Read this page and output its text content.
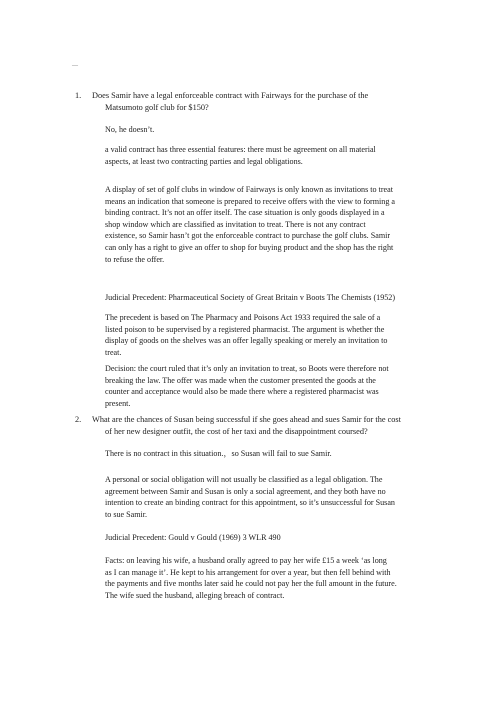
—
1. Does Samir have a legal enforceable contract with Fairways for the purchase of the
Matsumoto golf club for $150?
No, he doesn’t.
a valid contract has three essential features: there must be agreement on all material
aspects, at least two contracting parties and legal obligations.
A display of set of golf clubs in window of Fairways is only known as invitations to treat
means an indication that someone is prepared to receive offers with the view to forming a
binding contract. It’s not an offer itself. The case situation is only goods displayed in a
shop window which are classified as invitation to treat. There is not any contract
existence, so Samir hasn’t got the enforceable contract to purchase the golf clubs. Samir
can only has a right to give an offer to shop for buying product and the shop has the right
to refuse the offer.
Judicial Precedent: Pharmaceutical Society of Great Britain v Boots The Chemists (1952)
The precedent is based on The Pharmacy and Poisons Act 1933 required the sale of a
listed poison to be supervised by a registered pharmacist. The argument is whether the
display of goods on the shelves was an offer legally speaking or merely an invitation to
treat.
Decision: the court ruled that it’s only an invitation to treat, so Boots were therefore not
breaking the law. The offer was made when the customer presented the goods at the
counter and acceptance would also be made there where a registered pharmacist was
present.
2. What are the chances of Susan being successful if she goes ahead and sues Samir for the cost
of her new designer outfit, the cost of her taxi and the disappointment coursed?
There is no contract in this situation.，so Susan will fail to sue Samir.
A personal or social obligation will not usually be classified as a legal obligation. The
agreement between Samir and Susan is only a social agreement, and they both have no
intention to create an binding contract for this appointment, so it’s unsuccessful for Susan
to sue Samir.
Judicial Precedent: Gould v Gould (1969) 3 WLR 490
Facts: on leaving his wife, a husband orally agreed to pay her wife £15 a week ‘as long
as I can manage it’. He kept to his arrangement for over a year, but then fell behind with
the payments and five months later said he could not pay her the full amount in the future.
The wife sued the husband, alleging breach of contract.
